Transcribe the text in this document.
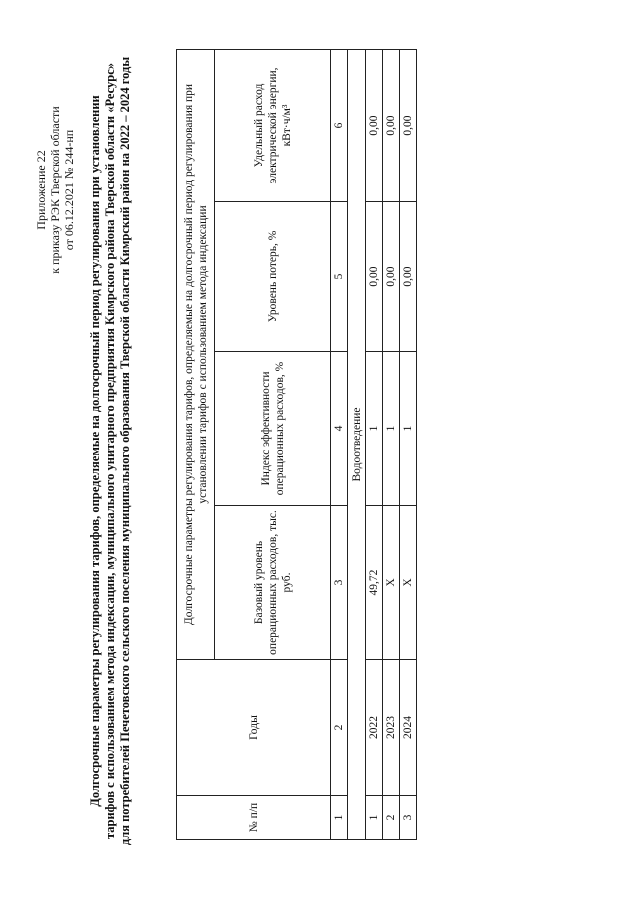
Приложение 22 к приказу РЭК Тверской области от 06.12.2021 № 244-нп Долгосрочные параметры регулирования тарифов, определяемые на долгосрочный период регулирования при установлении тарифов с использованием метода индексации, муниципального унитарного предприятия Кимрского района Тверской области «Ресурс» для потребителей Печетовского сельского поселения муниципального образования Тверской области Кимрский район на 2022 – 2024 годы	№ п/п	Годы	Долгосрочные параметры регулирования тарифов, определяемые на долгосрочный период регулирования при установлении тарифов с использованием метода индексации			
		Базовый уровень операционных расходов, тыс. руб.	Индекс эффективности операционных расходов, %	Уровень потерь, %	Удельный расход электрической энергии, кВт·ч/м³
1	2	3	4	5	6
Водоотведение					
1	2022	49,72	1	0,00	0,00
2	2023	Х	1	0,00	0,00
3	2024	Х	1	0,00	0,00
